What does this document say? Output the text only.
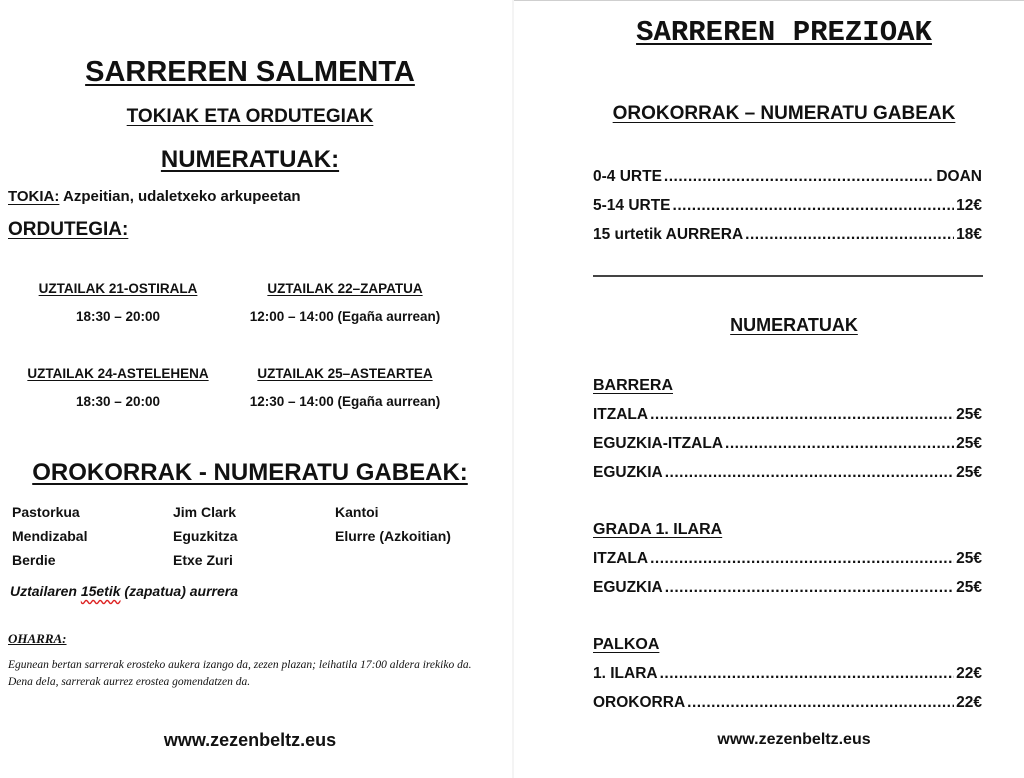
SARREREN SALMENTA
TOKIAK ETA ORDUTEGIAK
NUMERATUAK:
TOKIA: Azpeitian, udaletxeko arkupeetan
ORDUTEGIA:
UZTAILAK 21-OSTIRALA
18:30 – 20:00
UZTAILAK 22–ZAPATUA
12:00 – 14:00 (Egaña aurrean)
UZTAILAK 24-ASTELEHENA
18:30 – 20:00
UZTAILAK 25–ASTEARTEA
12:30 – 14:00 (Egaña aurrean)
OROKORRAK - NUMERATU GABEAK:
Pastorkua	Jim Clark	Kantoi
Mendizabal	Eguzkitza	Elurre (Azkoitian)
Berdie	Etxe Zuri
Uztailaren 15etik (zapatua) aurrera
OHARRA:
Egunean bertan sarrerak erosteko aukera izango da, zezen plazan; leihatila 17:00 aldera irekiko da. Dena dela, sarrerak aurrez erostea gomendatzen da.
www.zezenbeltz.eus
SARREREN PREZIOAK
OROKORRAK – NUMERATU GABEAK
0-4 URTE .....	DOAN
5-14 URTE .....	12€
15 urtetik AURRERA .....	18€
NUMERATUAK
BARRERA
ITZALA .....	25€
EGUZKIA-ITZALA .....	25€
EGUZKIA .....	25€
GRADA 1. ILARA
ITZALA .....	25€
EGUZKIA .....	25€
PALKOA
1. ILARA .....	22€
OROKORRA .....	22€
www.zezenbeltz.eus
